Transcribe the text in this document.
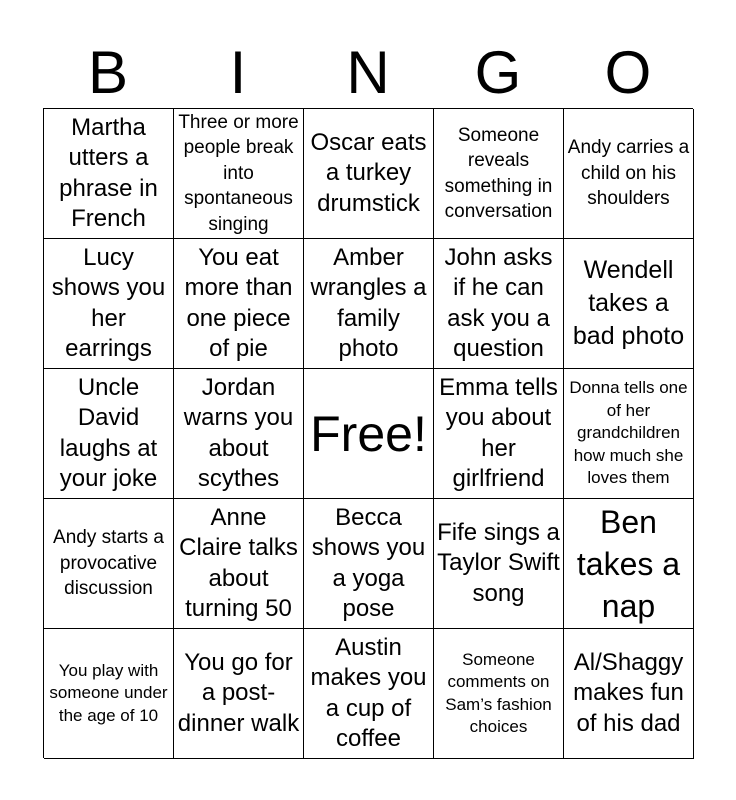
B	I	N	G	O
Martha utters a phrase in French
Three or more people break into spontaneous singing
Oscar eats a turkey drumstick
Someone reveals something in conversation
Andy carries a child on his shoulders
Lucy shows you her earrings
You eat more than one piece of pie
Amber wrangles a family photo
John asks if he can ask you a question
Wendell takes a bad photo
Uncle David laughs at your joke
Jordan warns you about scythes
Free!
Emma tells you about her girlfriend
Donna tells one of her grandchildren how much she loves them
Andy starts a provocative discussion
Anne Claire talks about turning 50
Becca shows you a yoga pose
Fife sings a Taylor Swift song
Ben takes a nap
You play with someone under the age of 10
You go for a post-dinner walk
Austin makes you a cup of coffee
Someone comments on Sam’s fashion choices
Al/Shaggy makes fun of his dad
